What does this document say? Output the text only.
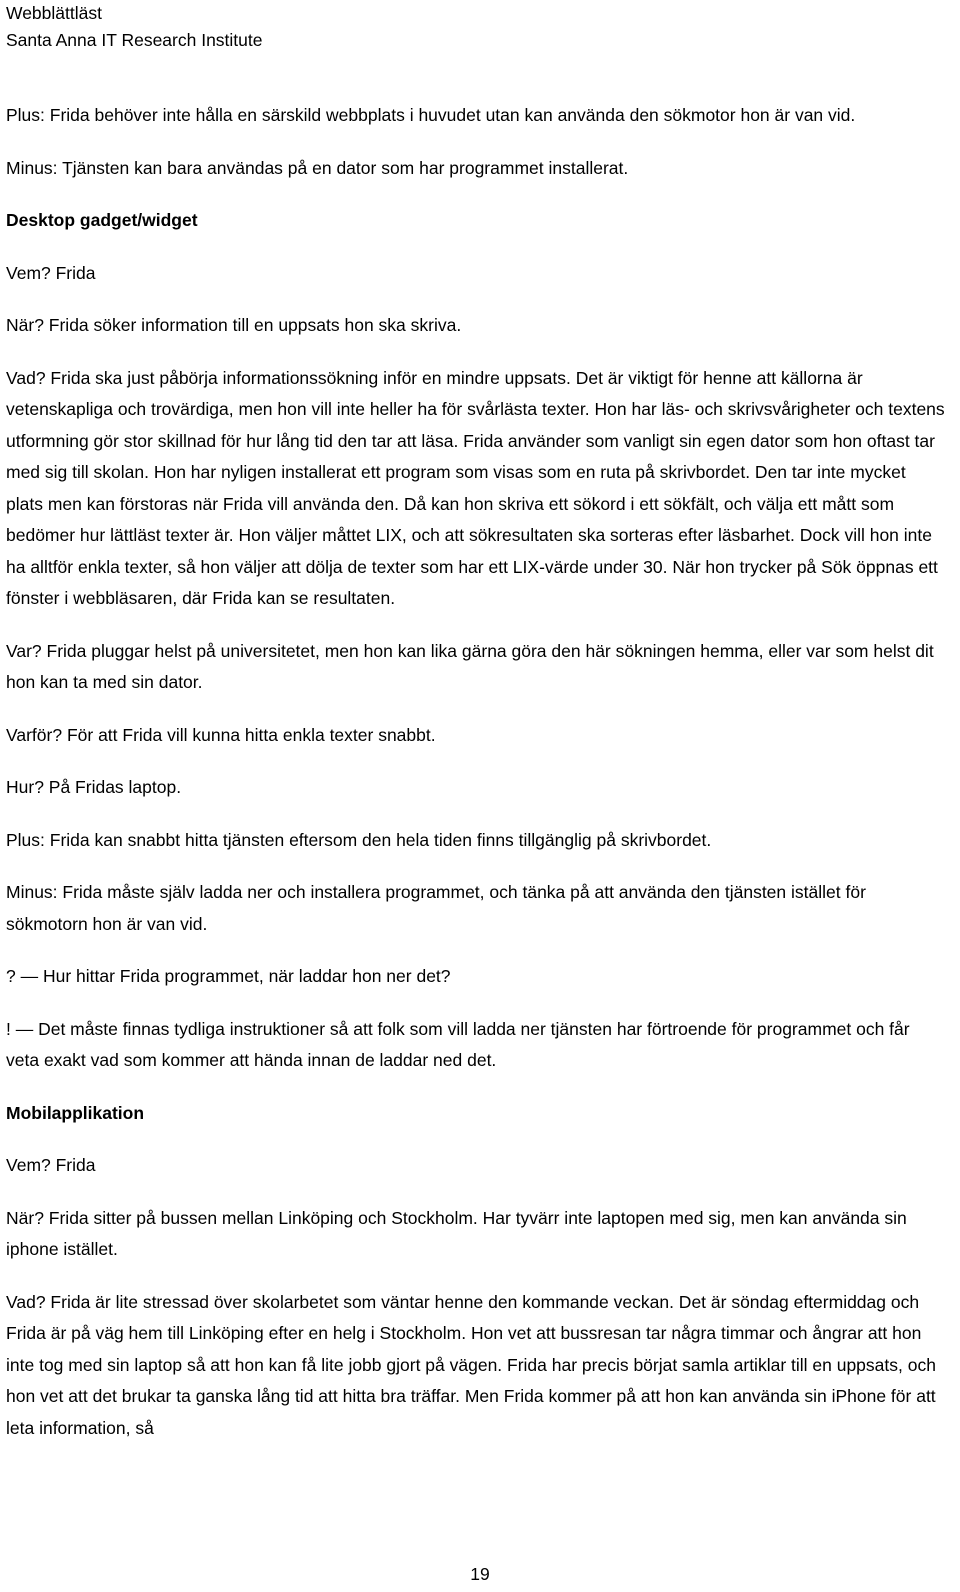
Webblättläst
Santa Anna IT Research Institute

Plus: Frida behöver inte hålla en särskild webbplats i huvudet utan kan använda den sökmotor hon är van vid.

Minus: Tjänsten kan bara användas på en dator som har programmet installerat.

Desktop gadget/widget

Vem? Frida

När? Frida söker information till en uppsats hon ska skriva.

Vad? Frida ska just påbörja informationssökning inför en mindre uppsats. Det är viktigt för henne att källorna är vetenskapliga och trovärdiga, men hon vill inte heller ha för svårlästa texter. Hon har läs- och skrivsvårigheter och textens utformning gör stor skillnad för hur lång tid den tar att läsa. Frida använder som vanligt sin egen dator som hon oftast tar med sig till skolan. Hon har nyligen installerat ett program som visas som en ruta på skrivbordet. Den tar inte mycket plats men kan förstoras när Frida vill använda den. Då kan hon skriva ett sökord i ett sökfält, och välja ett mått som bedömer hur lättläst texter är. Hon väljer måttet LIX, och att sökresultaten ska sorteras efter läsbarhet. Dock vill hon inte ha alltför enkla texter, så hon väljer att dölja de texter som har ett LIX-värde under 30. När hon trycker på Sök öppnas ett fönster i webbläsaren, där Frida kan se resultaten.

Var? Frida pluggar helst på universitetet, men hon kan lika gärna göra den här sökningen hemma, eller var som helst dit hon kan ta med sin dator.

Varför? För att Frida vill kunna hitta enkla texter snabbt.

Hur? På Fridas laptop.

Plus: Frida kan snabbt hitta tjänsten eftersom den hela tiden finns tillgänglig på skrivbordet.

Minus: Frida måste själv ladda ner och installera programmet, och tänka på att använda den tjänsten istället för sökmotorn hon är van vid.

? — Hur hittar Frida programmet, när laddar hon ner det?

! — Det måste finnas tydliga instruktioner så att folk som vill ladda ner tjänsten har förtroende för programmet och får veta exakt vad som kommer att hända innan de laddar ned det.

Mobilapplikation

Vem? Frida

När? Frida sitter på bussen mellan Linköping och Stockholm. Har tyvärr inte laptopen med sig, men kan använda sin iphone istället.

Vad? Frida är lite stressad över skolarbetet som väntar henne den kommande veckan. Det är söndag eftermiddag och Frida är på väg hem till Linköping efter en helg i Stockholm. Hon vet att bussresan tar några timmar och ångrar att hon inte tog med sin laptop så att hon kan få lite jobb gjort på vägen. Frida har precis börjat samla artiklar till en uppsats, och hon vet att det brukar ta ganska lång tid att hitta bra träffar. Men Frida kommer på att hon kan använda sin iPhone för att leta information, så

19
